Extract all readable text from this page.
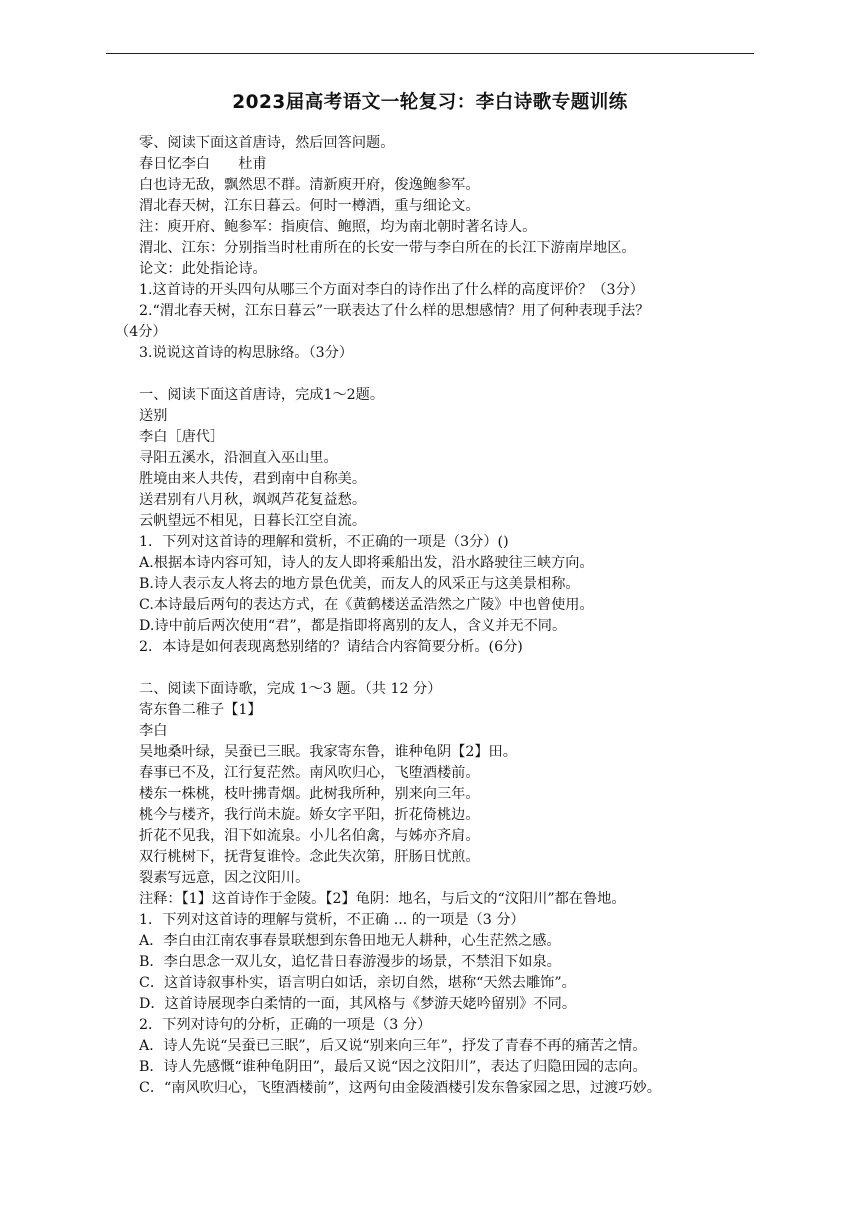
2023届高考语文一轮复习：李白诗歌专题训练
零、阅读下面这首唐诗，然后回答问题。
春日忆李白　　杜甫
白也诗无敌，飘然思不群。清新庾开府，俊逸鲍参军。
渭北春天树，江东日暮云。何时一樽酒，重与细论文。
注：庾开府、鲍参军：指庾信、鲍照，均为南北朝时著名诗人。
渭北、江东：分别指当时杜甫所在的长安一带与李白所在的长江下游南岸地区。
论文：此处指论诗。
1.这首诗的开头四句从哪三个方面对李白的诗作出了什么样的高度评价？（3分）
2.“渭北春天树，江东日暮云”一联表达了什么样的思想感情？用了何种表现手法？
（4分）
3.说说这首诗的构思脉络。（3分）
一、阅读下面这首唐诗，完成1～2题。
送别
李白［唐代］
寻阳五溪水，沿洄直入巫山里。
胜境由来人共传，君到南中自称美。
送君别有八月秋，飒飒芦花复益愁。
云帆望远不相见，日暮长江空自流。
1．下列对这首诗的理解和赏析，不正确的一项是（3分）()
A.根据本诗内容可知，诗人的友人即将乘船出发，沿水路驶往三峡方向。
B.诗人表示友人将去的地方景色优美，而友人的风采正与这美景相称。
C.本诗最后两句的表达方式，在《黄鹤楼送孟浩然之广陵》中也曾使用。
D.诗中前后两次使用“君”，都是指即将离别的友人，含义并无不同。
2．本诗是如何表现离愁别绪的？请结合内容简要分析。(6分)
二、阅读下面诗歌，完成 1～3 题。（共 12 分）
寄东鲁二稚子【1】
李白
吴地桑叶绿，吴蚕已三眠。我家寄东鲁，谁种龟阴【2】田。
春事已不及，江行复茫然。南风吹归心，飞堕酒楼前。
楼东一株桃，枝叶拂青烟。此树我所种，别来向三年。
桃今与楼齐，我行尚未旋。娇女字平阳，折花倚桃边。
折花不见我，泪下如流泉。小儿名伯禽，与姊亦齐肩。
双行桃树下，抚背复谁怜。念此失次第，肝肠日忧煎。
裂素写远意，因之汶阳川。
注释：【1】这首诗作于金陵。【2】龟阴：地名，与后文的“汶阳川”都在鲁地。
1．下列对这首诗的理解与赏析，不正确 ... 的一项是（3 分）
A．李白由江南农事春景联想到东鲁田地无人耕种，心生茫然之感。
B．李白思念一双儿女，追忆昔日春游漫步的场景，不禁泪下如泉。
C．这首诗叙事朴实，语言明白如话，亲切自然，堪称“天然去雕饰”。
D．这首诗展现李白柔情的一面，其风格与《梦游天姥吟留别》不同。
2．下列对诗句的分析，正确的一项是（3 分）
A．诗人先说“吴蚕已三眠”，后又说“别来向三年”，抒发了青春不再的痛苦之情。
B．诗人先感慨“谁种龟阴田”，最后又说“因之汶阳川”，表达了归隐田园的志向。
C．“南风吹归心，飞堕酒楼前”，这两句由金陵酒楼引发东鲁家园之思，过渡巧妙。
